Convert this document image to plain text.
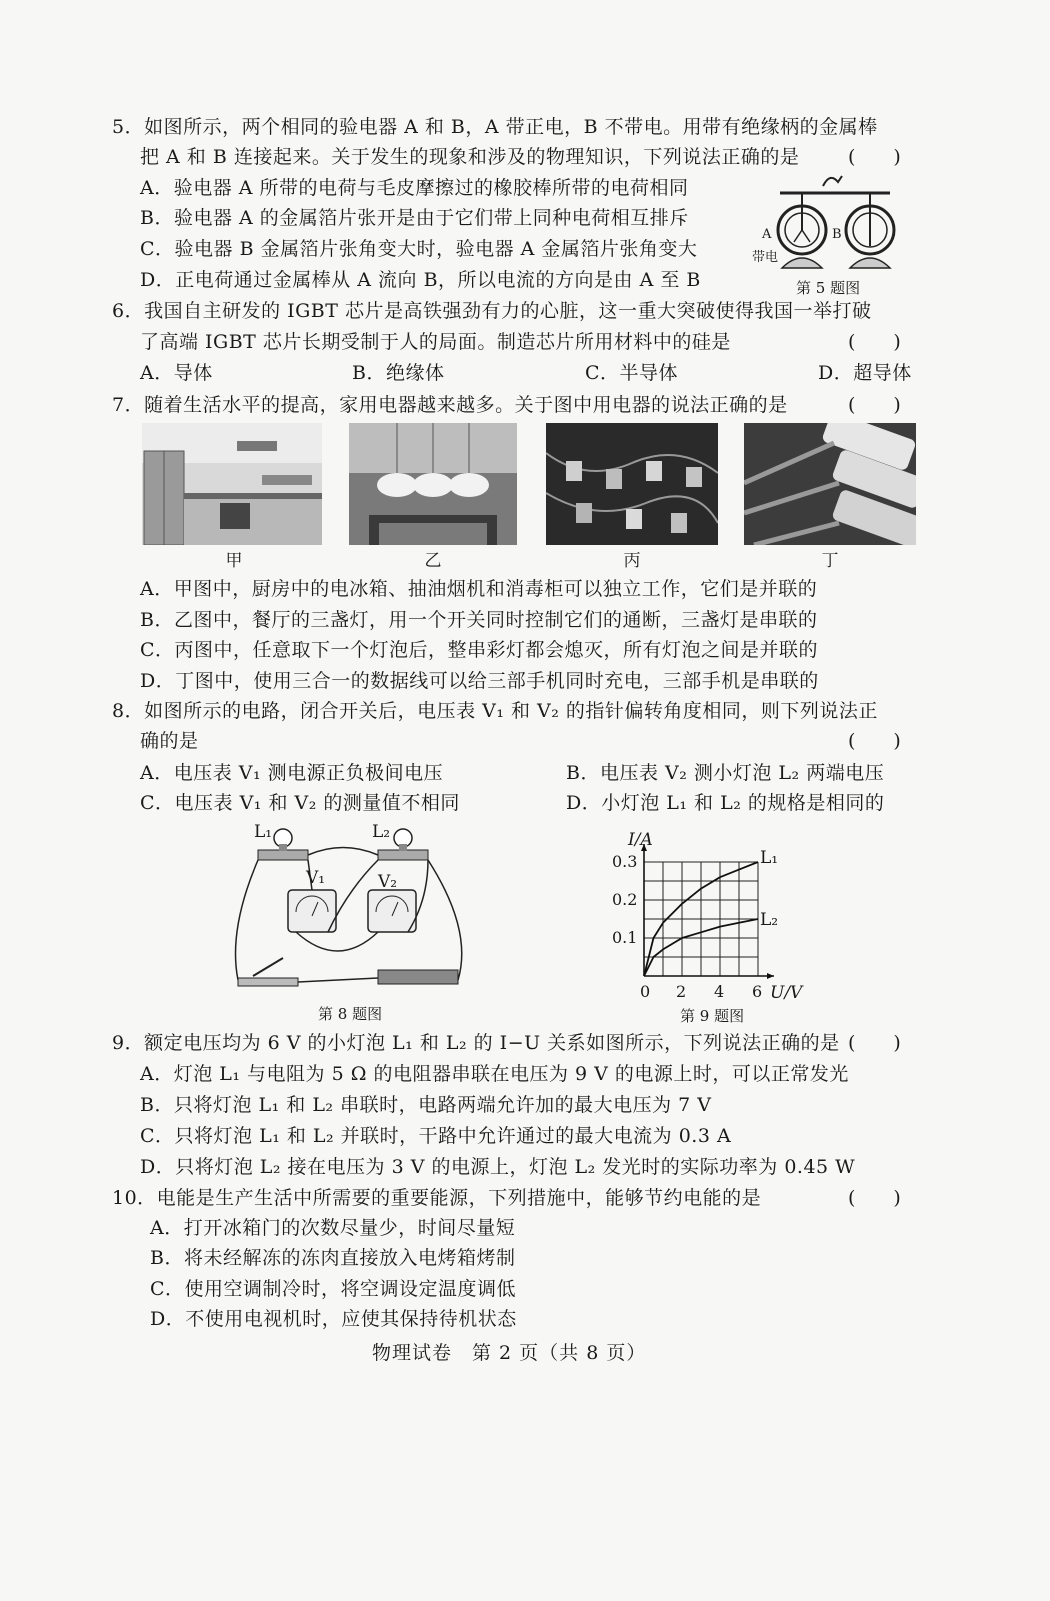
5．如图所示，两个相同的验电器 A 和 B，A 带正电，B 不带电。用带有绝缘柄的金属棒
把 A 和 B 连接起来。关于发生的现象和涉及的物理知识，下列说法正确的是	(　　)
A．验电器 A 所带的电荷与毛皮摩擦过的橡胶棒所带的电荷相同
B．验电器 A 的金属箔片张开是由于它们带上同种电荷相互排斥
C．验电器 B 金属箔片张角变大时，验电器 A 金属箔片张角变大
D．正电荷通过金属棒从 A 流向 B，所以电流的方向是由 A 至 B
A
带电
B
第 5 题图
6．我国自主研发的 IGBT 芯片是高铁强劲有力的心脏，这一重大突破使得我国一举打破
了高端 IGBT 芯片长期受制于人的局面。制造芯片所用材料中的硅是	(　　)
A．导体	B．绝缘体	C．半导体	D．超导体
7．随着生活水平的提高，家用电器越来越多。关于图中用电器的说法正确的是	(　　)
甲	乙	丙	丁
A．甲图中，厨房中的电冰箱、抽油烟机和消毒柜可以独立工作，它们是并联的
B．乙图中，餐厅的三盏灯，用一个开关同时控制它们的通断，三盏灯是串联的
C．丙图中，任意取下一个灯泡后，整串彩灯都会熄灭，所有灯泡之间是并联的
D．丁图中，使用三合一的数据线可以给三部手机同时充电，三部手机是串联的
8．如图所示的电路，闭合开关后，电压表 V₁ 和 V₂ 的指针偏转角度相同，则下列说法正
确的是	(　　)
A．电压表 V₁ 测电源正负极间电压	B．电压表 V₂ 测小灯泡 L₂ 两端电压
C．电压表 V₁ 和 V₂ 的测量值不相同	D．小灯泡 L₁ 和 L₂ 的规格是相同的
L₁	L₂
V₁	V₂
第 8 题图
I/A
U/V
0.3
0.2
0.1
0 2 4 6
L₁
L₂
第 9 题图
9．额定电压均为 6 V 的小灯泡 L₁ 和 L₂ 的 I−U 关系如图所示，下列说法正确的是 (　　)
A．灯泡 L₁ 与电阻为 5 Ω 的电阻器串联在电压为 9 V 的电源上时，可以正常发光
B．只将灯泡 L₁ 和 L₂ 串联时，电路两端允许加的最大电压为 7 V
C．只将灯泡 L₁ 和 L₂ 并联时，干路中允许通过的最大电流为 0.3 A
D．只将灯泡 L₂ 接在电压为 3 V 的电源上，灯泡 L₂ 发光时的实际功率为 0.45 W
10．电能是生产生活中所需要的重要能源，下列措施中，能够节约电能的是	(　　)
A．打开冰箱门的次数尽量少，时间尽量短
B．将未经解冻的冻肉直接放入电烤箱烤制
C．使用空调制冷时，将空调设定温度调低
D．不使用电视机时，应使其保持待机状态
物理试卷　第 2 页（共 8 页）
